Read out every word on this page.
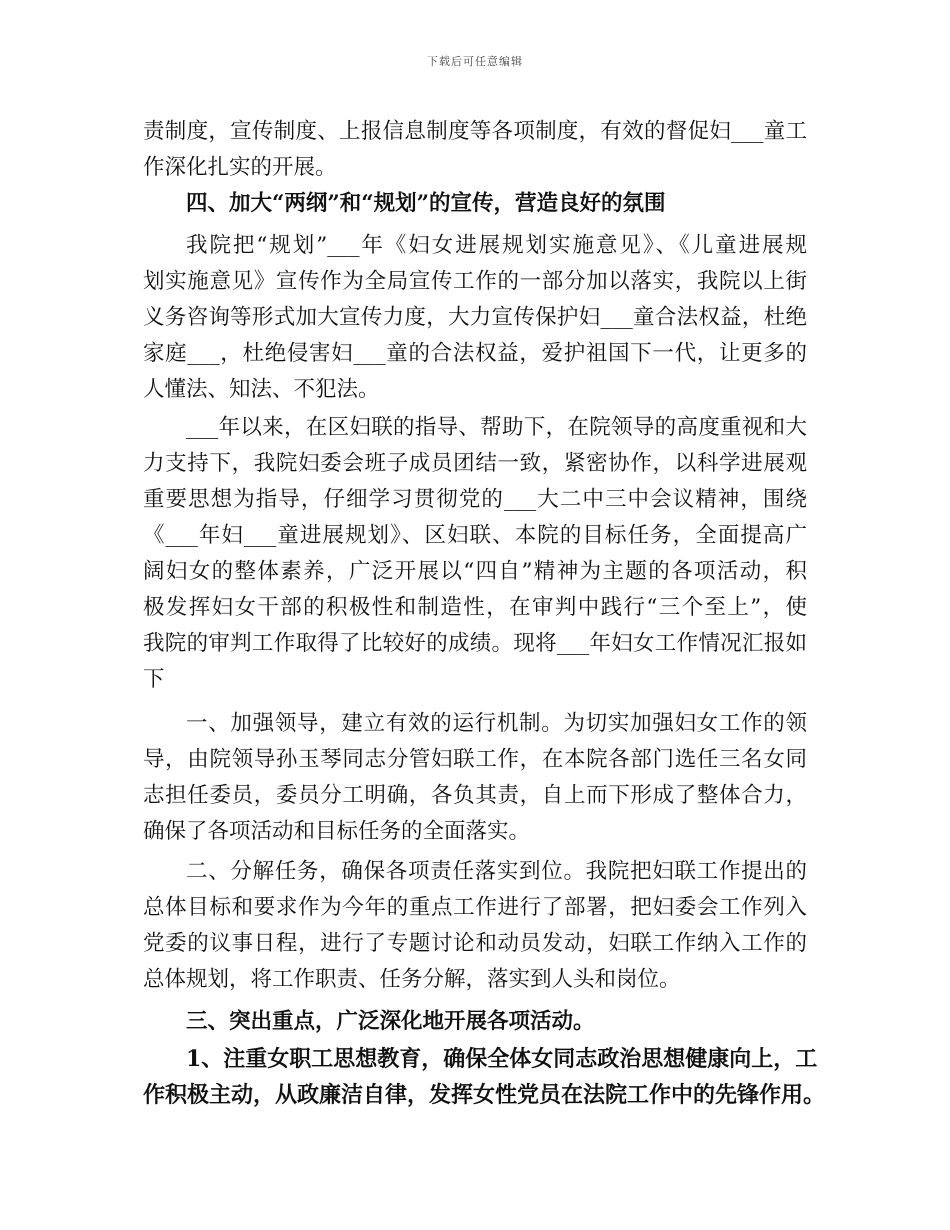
下载后可任意编辑
责制度，宣传制度、上报信息制度等各项制度，有效的督促妇___童工
作深化扎实的开展。
四、加大“两纲”和“规划”的宣传，营造良好的氛围
我院把“规划”___年《妇女进展规划实施意见》、《儿童进展规
划实施意见》宣传作为全局宣传工作的一部分加以落实，我院以上街
义务咨询等形式加大宣传力度，大力宣传保护妇___童合法权益，杜绝
家庭___，杜绝侵害妇___童的合法权益，爱护祖国下一代，让更多的
人懂法、知法、不犯法。
___年以来，在区妇联的指导、帮助下，在院领导的高度重视和大
力支持下，我院妇委会班子成员团结一致，紧密协作，以科学进展观
重要思想为指导，仔细学习贯彻党的___大二中三中会议精神，围绕
《___年妇___童进展规划》、区妇联、本院的目标任务，全面提高广
阔妇女的整体素养，广泛开展以“四自”精神为主题的各项活动，积
极发挥妇女干部的积极性和制造性，在审判中践行“三个至上”，使
我院的审判工作取得了比较好的成绩。现将___年妇女工作情况汇报如
下
一、加强领导，建立有效的运行机制。为切实加强妇女工作的领
导，由院领导孙玉琴同志分管妇联工作，在本院各部门选任三名女同
志担任委员，委员分工明确，各负其责，自上而下形成了整体合力，
确保了各项活动和目标任务的全面落实。
二、分解任务，确保各项责任落实到位。我院把妇联工作提出的
总体目标和要求作为今年的重点工作进行了部署，把妇委会工作列入
党委的议事日程，进行了专题讨论和动员发动，妇联工作纳入工作的
总体规划，将工作职责、任务分解，落实到人头和岗位。
三、突出重点，广泛深化地开展各项活动。
1、注重女职工思想教育，确保全体女同志政治思想健康向上，工
作积极主动，从政廉洁自律，发挥女性党员在法院工作中的先锋作用。
